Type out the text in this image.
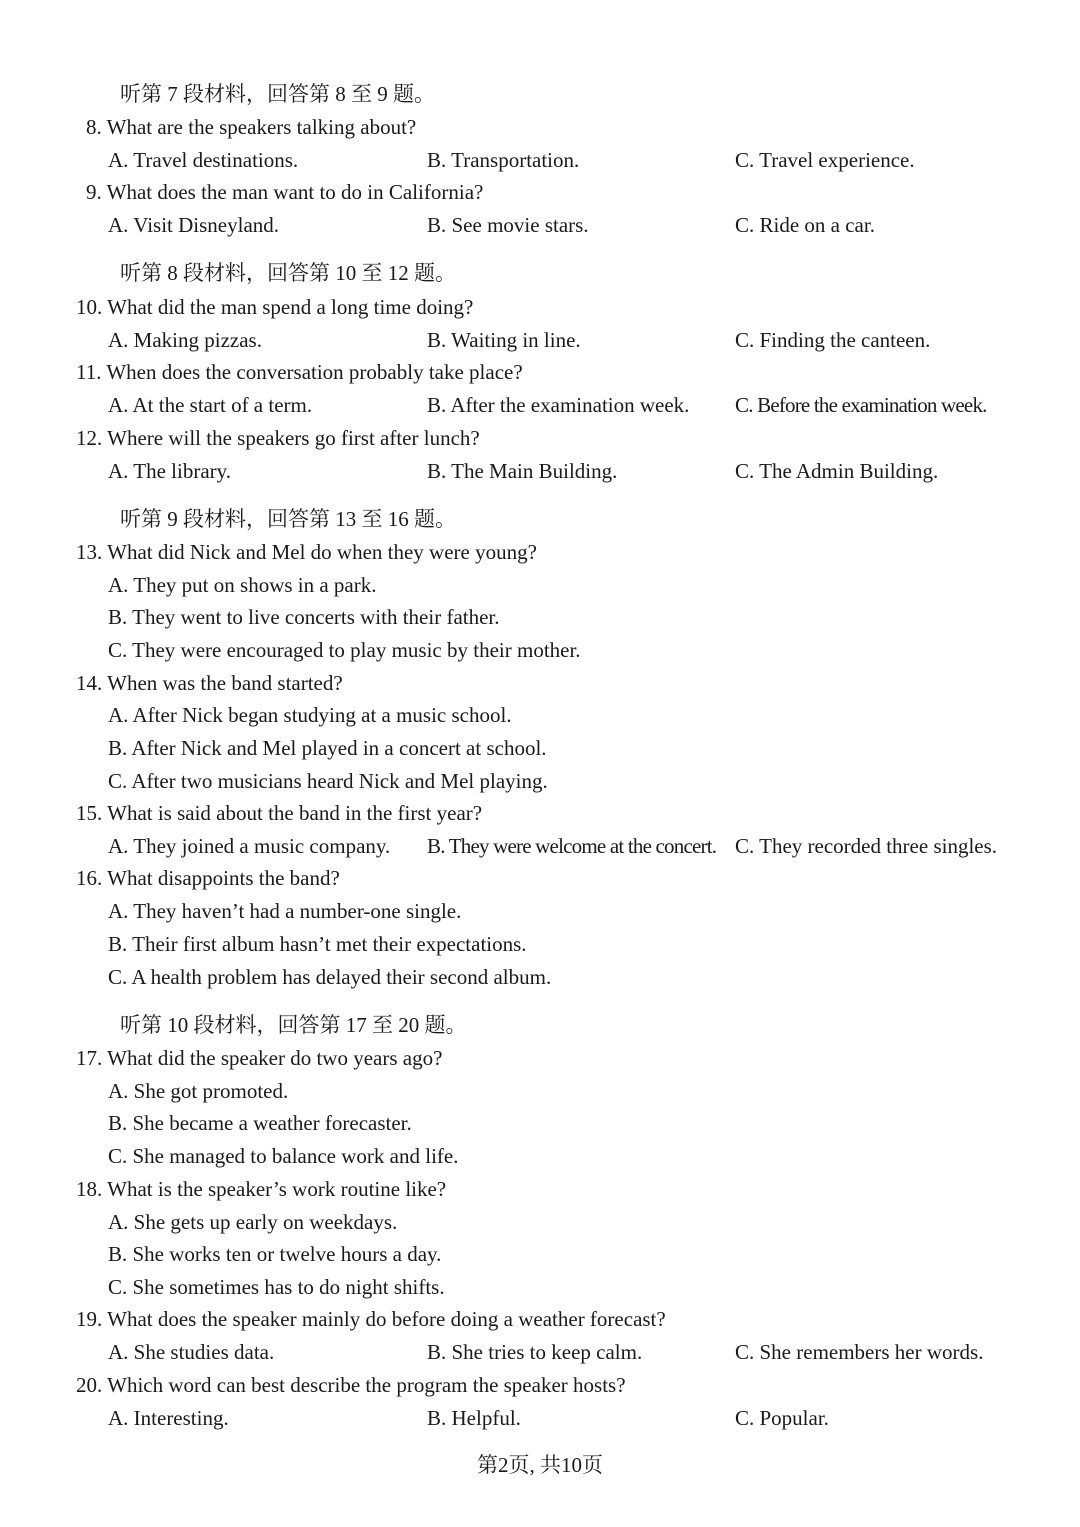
听第 7 段材料，回答第 8 至 9 题。
8. What are the speakers talking about?
A. Travel destinations.	B. Transportation.	C. Travel experience.
9. What does the man want to do in California?
A. Visit Disneyland.	B. See movie stars.	C. Ride on a car.
听第 8 段材料，回答第 10 至 12 题。
10. What did the man spend a long time doing?
A. Making pizzas.	B. Waiting in line.	C. Finding the canteen.
11. When does the conversation probably take place?
A. At the start of a term.	B. After the examination week. C. Before the examination week.
12. Where will the speakers go first after lunch?
A. The library.	B. The Main Building.	C. The Admin Building.
听第 9 段材料，回答第 13 至 16 题。
13. What did Nick and Mel do when they were young?
A. They put on shows in a park.
B. They went to live concerts with their father.
C. They were encouraged to play music by their mother.
14. When was the band started?
A. After Nick began studying at a music school.
B. After Nick and Mel played in a concert at school.
C. After two musicians heard Nick and Mel playing.
15. What is said about the band in the first year?
A. They joined a music company. B. They were welcome at the concert. C. They recorded three singles.
16. What disappoints the band?
A. They haven’t had a number-one single.
B. Their first album hasn’t met their expectations.
C. A health problem has delayed their second album.
听第 10 段材料，回答第 17 至 20 题。
17. What did the speaker do two years ago?
A. She got promoted.
B. She became a weather forecaster.
C. She managed to balance work and life.
18. What is the speaker’s work routine like?
A. She gets up early on weekdays.
B. She works ten or twelve hours a day.
C. She sometimes has to do night shifts.
19. What does the speaker mainly do before doing a weather forecast?
A. She studies data.	B. She tries to keep calm.	C. She remembers her words.
20. Which word can best describe the program the speaker hosts?
A. Interesting.	B. Helpful.	C. Popular.
第2页, 共10页
